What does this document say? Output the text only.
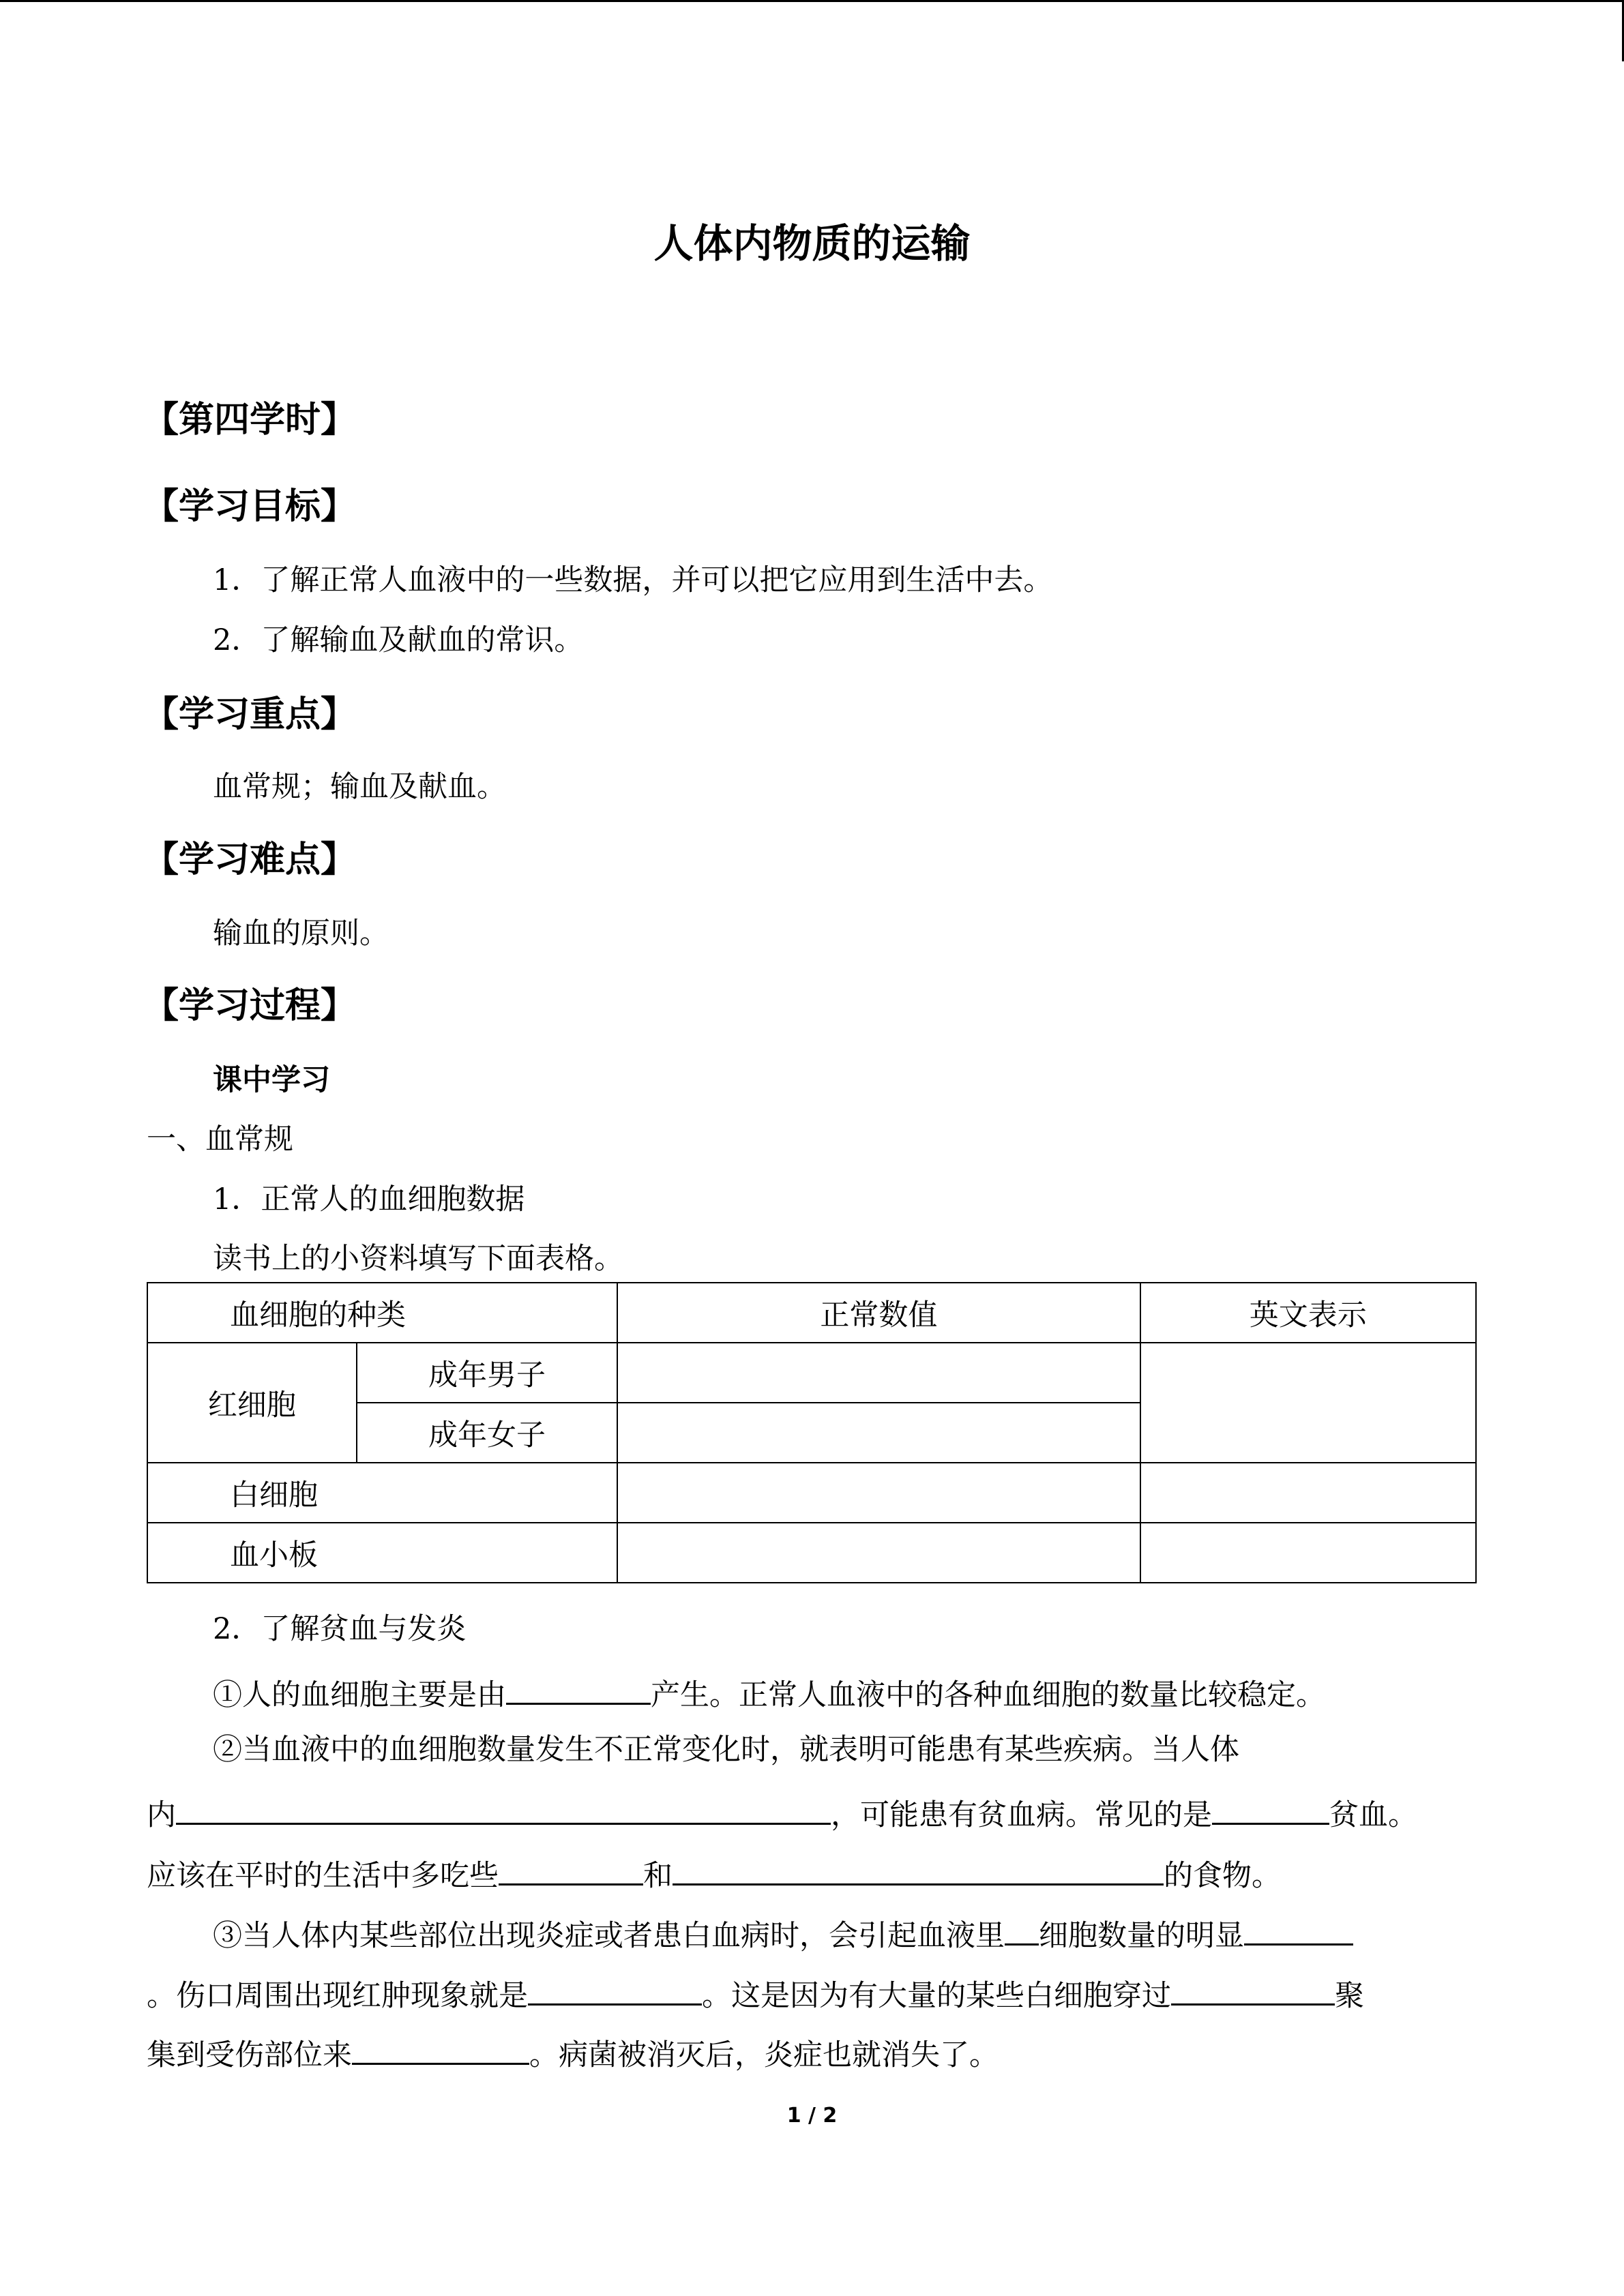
人体内物质的运输
【第四学时】
【学习目标】
1．了解正常人血液中的一些数据，并可以把它应用到生活中去。
2．了解输血及献血的常识。
【学习重点】
血常规；输血及献血。
【学习难点】
输血的原则。
【学习过程】
课中学习
一、血常规
1．正常人的血细胞数据
读书上的小资料填写下面表格。
血细胞的种类		正常数值	英文表示
红细胞	成年男子		
	成年女子		
白细胞			
血小板			
2．了解贫血与发炎
①人的血细胞主要是由	产生。正常人血液中的各种血细胞的数量比较稳定。
②当血液中的血细胞数量发生不正常变化时，就表明可能患有某些疾病。当人体
内	，可能患有贫血病。常见的是	贫血。
应该在平时的生活中多吃些	和	的食物。
③当人体内某些部位出现炎症或者患白血病时，会引起血液里 细胞数量的明显
。伤口周围出现红肿现象就是	。这是因为有大量的某些白细胞穿过	聚
集到受伤部位来	。病菌被消灭后，炎症也就消失了。
1 / 2
